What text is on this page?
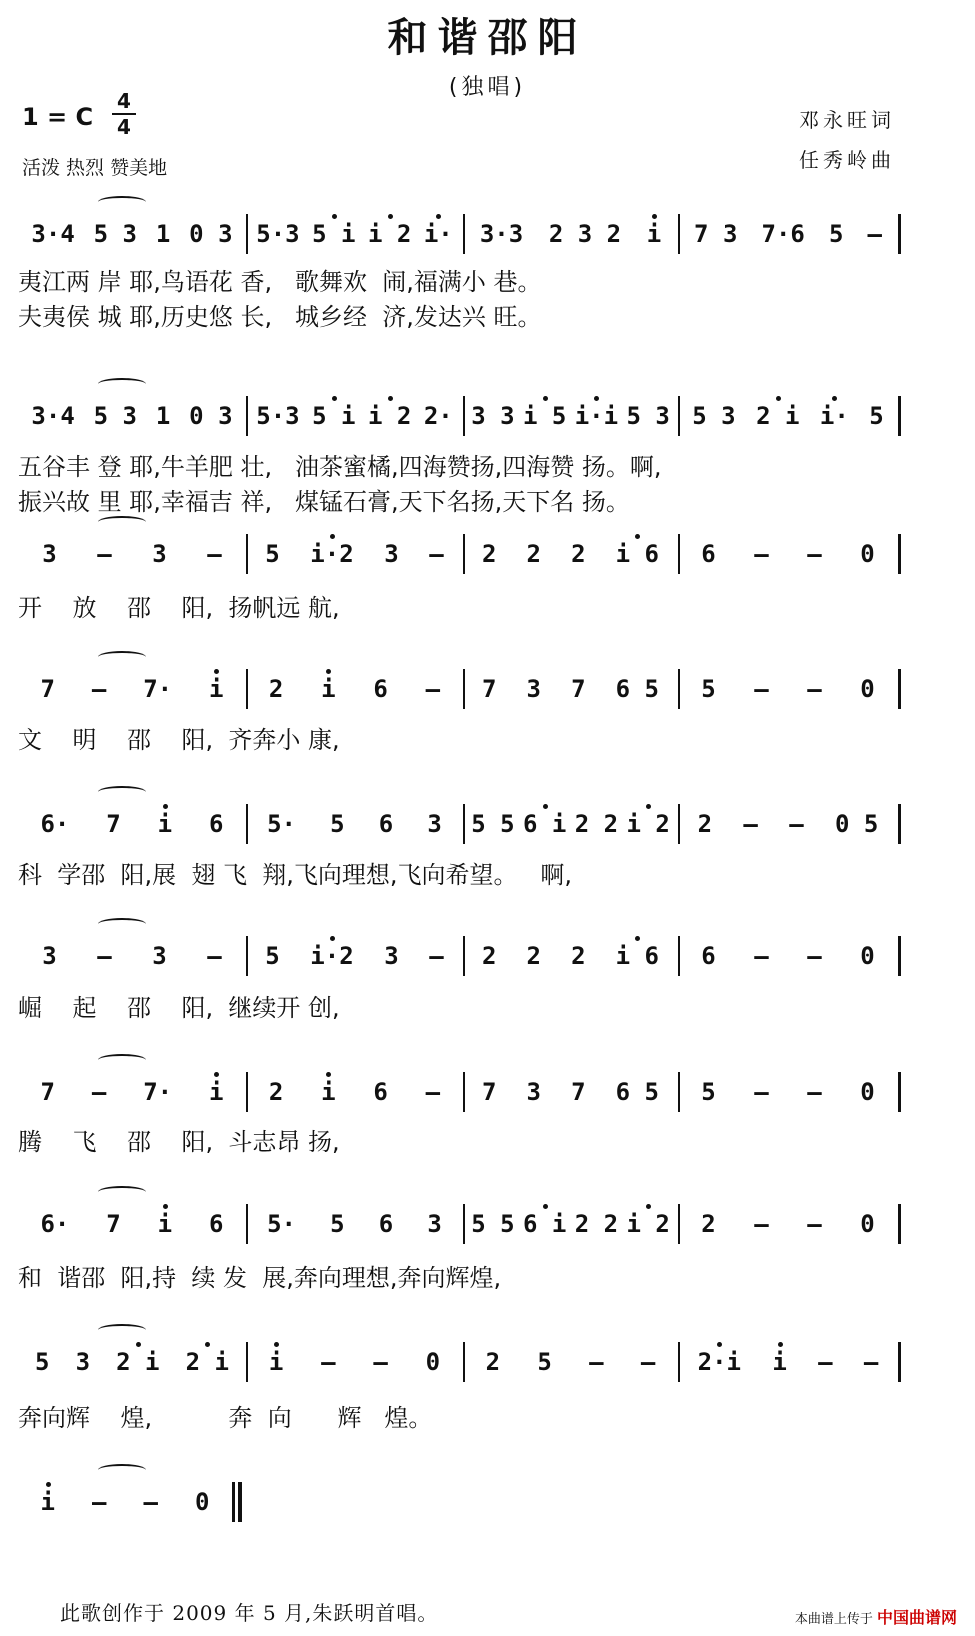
和谐邵阳
(独唱)
1 = C
4
4
活泼 热烈 赞美地
邓永旺词
任秀岭曲
3·4 5 3 1 0 3 5·3 5 i i 2 i· 3·3 2 3 2 i 7 3 7·6 5 –
夷江两 岸 耶,鸟语花 香,   歌舞欢  闹,福满小 巷。
夫夷侯 城 耶,历史悠 长,   城乡经  济,发达兴 旺。
3·4 5 3 1 0 3 5·3 5 i i 2 2· 3 3 i 5 i·i 5 3 5 3 2 i i· 5
五谷丰 登 耶,牛羊肥 壮,   油茶蜜橘,四海赞扬,四海赞 扬。啊,
振兴故 里 耶,幸福吉 祥,   煤锰石膏,天下名扬,天下名 扬。
3 – 3 – 5 i·2 3 – 2 2 2 i 6 6 – – 0
开    放    邵    阳,  扬帆远 航,
7 – 7· i 2 i 6 – 7 3 7 6 5 5 – – 0
文    明    邵    阳,  齐奔小 康,
6· 7 i 6 5· 5 6 3 5 5 6 i 2 2 i 2 2 – – 0 5
科  学邵  阳,展  翅 飞  翔,飞向理想,飞向希望。   啊,
3 – 3 – 5 i·2 3 – 2 2 2 i 6 6 – – 0
崛    起    邵    阳,  继续开 创,
7 – 7· i 2 i 6 – 7 3 7 6 5 5 – – 0
腾    飞    邵    阳,  斗志昂 扬,
6· 7 i 6 5· 5 6 3 5 5 6 i 2 2 i 2 2 – – 0
和  谐邵  阳,持  续 发  展,奔向理想,奔向辉煌,
5 3 2 i 2 i i – – 0 2 5 – – 2·i i – –
奔向辉    煌,          奔  向      辉   煌。
i – – 0
此歌创作于 2009 年 5 月,朱跃明首唱。	本曲谱上传于 中国曲谱网
